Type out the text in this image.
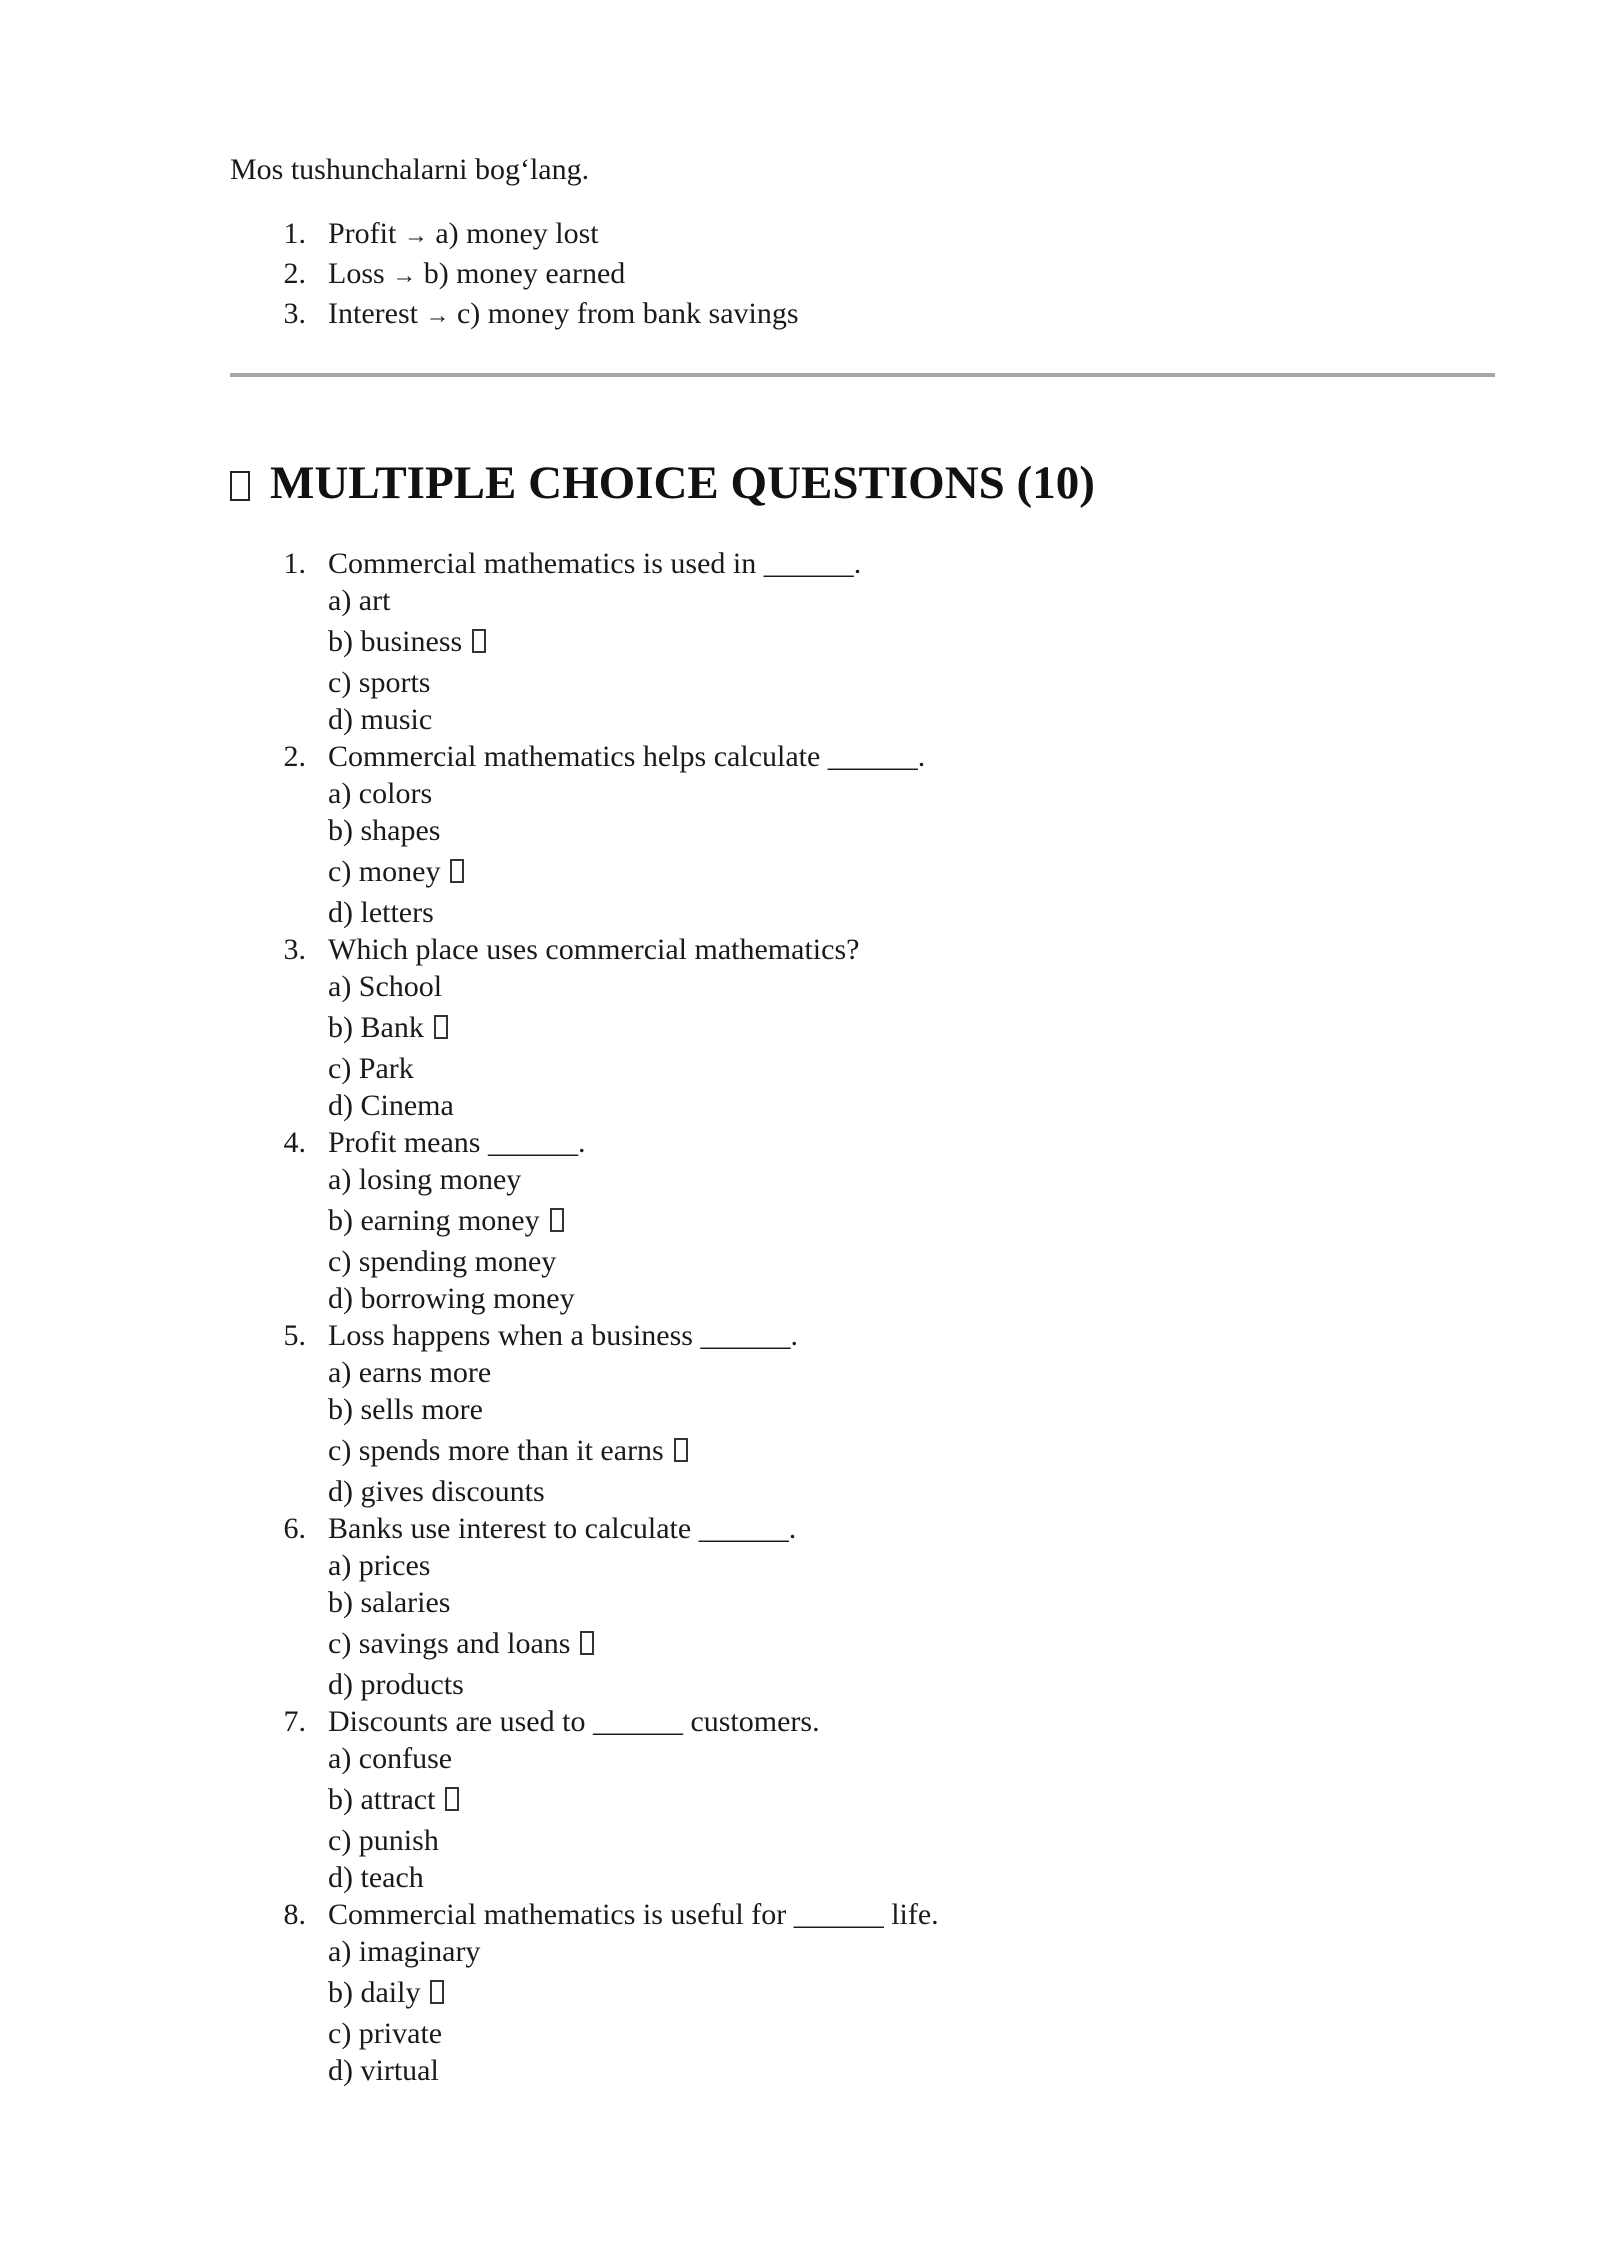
Mos tushunchalarni bog‘lang.

1. Profit → a) money lost
2. Loss → b) money earned
3. Interest → c) money from bank savings
MULTIPLE CHOICE QUESTIONS (10)
1. Commercial mathematics is used in ______.
a) art
b) business
c) sports
d) music
2. Commercial mathematics helps calculate ______.
a) colors
b) shapes
c) money
d) letters
3. Which place uses commercial mathematics?
a) School
b) Bank
c) Park
d) Cinema
4. Profit means ______.
a) losing money
b) earning money
c) spending money
d) borrowing money
5. Loss happens when a business ______.
a) earns more
b) sells more
c) spends more than it earns
d) gives discounts
6. Banks use interest to calculate ______.
a) prices
b) salaries
c) savings and loans
d) products
7. Discounts are used to ______ customers.
a) confuse
b) attract
c) punish
d) teach
8. Commercial mathematics is useful for ______ life.
a) imaginary
b) daily
c) private
d) virtual
